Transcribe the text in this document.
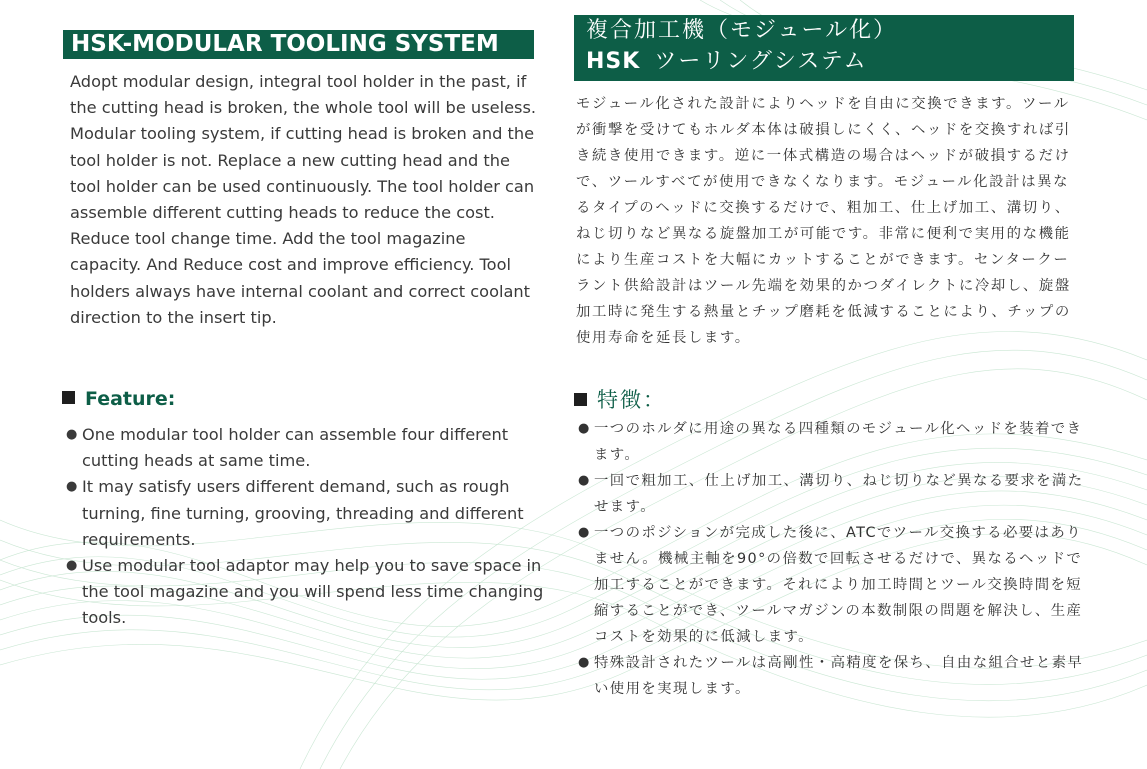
HSK-MODULAR TOOLING SYSTEM
複合加工機（モジュール化）
HSK ツーリングシステム
Adopt modular design, integral tool holder in the past, if the cutting head is broken, the whole tool will be useless. Modular tooling system, if cutting head is broken and the tool holder is not. Replace a new cutting head and the tool holder can be used continuously. The tool holder can assemble different cutting heads to reduce the cost. Reduce tool change time. Add the tool magazine capacity. And Reduce cost and improve efficiency. Tool holders always have internal coolant and correct coolant direction to the insert tip.
モジュール化された設計によりヘッドを自由に交換できます。ツールが衝撃を受けてもホルダ本体は破損しにくく、ヘッドを交換すれば引き続き使用できます。逆に一体式構造の場合はヘッドが破損するだけで、ツールすべてが使用できなくなります。モジュール化設計は異なるタイプのヘッドに交換するだけで、粗加工、仕上げ加工、溝切り、ねじ切りなど異なる旋盤加工が可能です。非常に便利で実用的な機能により生産コストを大幅にカットすることができます。センタークーラント供給設計はツール先端を効果的かつダイレクトに冷却し、旋盤加工時に発生する熱量とチップ磨耗を低減することにより、チップの使用寿命を延長します。
Feature:	特徴：
● One modular tool holder can assemble four different cutting heads at same time.
● It may satisfy users different demand, such as rough turning, fine turning, grooving, threading and different requirements.
● Use modular tool adaptor may help you to save space in the tool magazine and you will spend less time changing tools.
● 一つのホルダに用途の異なる四種類のモジュール化ヘッドを装着できます。
● 一回で粗加工、仕上げ加工、溝切り、ねじ切りなど異なる要求を満たせます。
● 一つのポジションが完成した後に、ATCでツール交換する必要はありません。機械主軸を90°の倍数で回転させるだけで、異なるヘッドで加工することができます。それにより加工時間とツール交換時間を短縮することができ、ツールマガジンの本数制限の問題を解決し、生産コストを効果的に低減します。
● 特殊設計されたツールは高剛性・高精度を保ち、自由な組合せと素早い使用を実現します。
